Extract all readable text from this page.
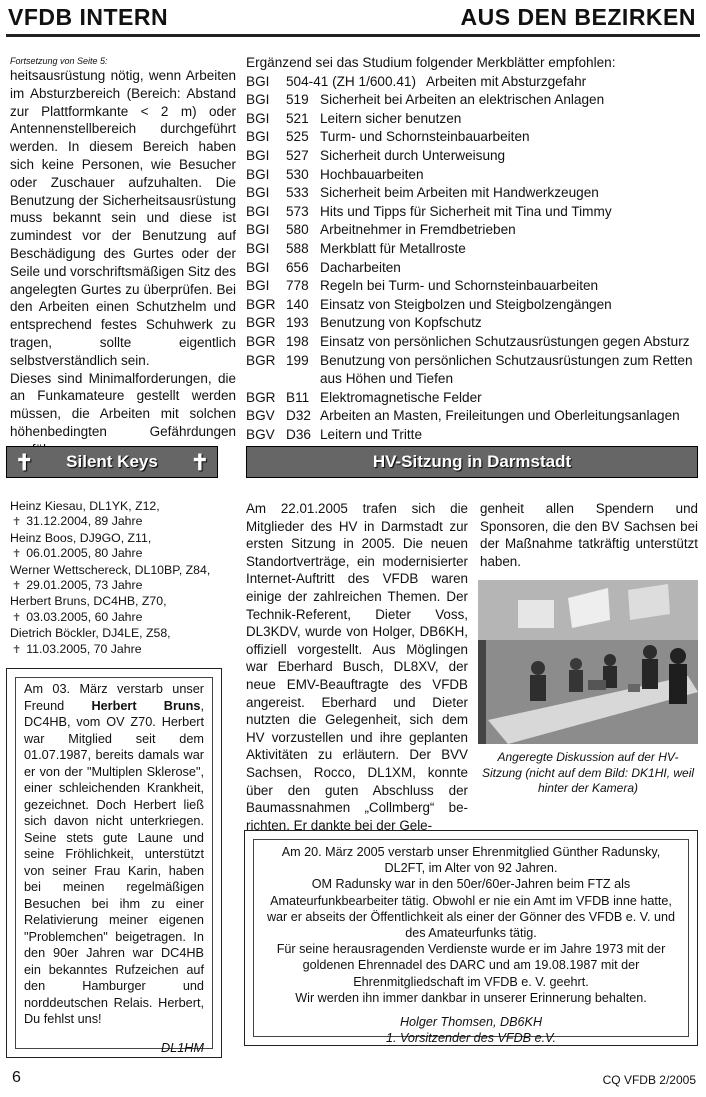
VFDB INTERN	AUS DEN BEZIRKEN
Fortsetzung von Seite 5:
heitsausrüstung nötig, wenn Arbeiten im Absturzbereich (Bereich: Abstand zur Plattformkante < 2 m) oder Antennenstellbereich durchgeführt werden. In diesem Bereich haben sich keine Personen, wie Besucher oder Zuschauer aufzuhalten. Die Benutzung der Sicherheitsausrüstung muss bekannt sein und diese ist zumindest vor der Benutzung auf Beschädigung des Gurtes oder der Seile und vorschriftsmäßigen Sitz des angelegten Gurtes zu überprüfen. Bei den Arbeiten einen Schutzhelm und entsprechend festes Schuhwerk zu tragen, sollte eigentlich selbstverständlich sein.
Dieses sind Minimalforderungen, die an Funkamateure gestellt werden müssen, die Arbeiten mit solchen höhenbedingten Gefährdungen
Ergänzend sei das Studium folgender Merkblätter empfohlen:
BGI	504-41 (ZH 1/600.41) Arbeiten mit Absturzgefahr	
BGI	519	Sicherheit bei Arbeiten an elektrischen Anlagen
BGI	521	Leitern sicher benutzen
BGI	525	Turm- und Schornsteinbauarbeiten
BGI	527	Sicherheit durch Unterweisung
BGI	530	Hochbauarbeiten
BGI	533	Sicherheit beim Arbeiten mit Handwerkzeugen
BGI	573	Hits und Tipps für Sicherheit mit Tina und Timmy
BGI	580	Arbeitnehmer in Fremdbetrieben
BGI	588	Merkblatt für Metallroste
BGI	656	Dacharbeiten
BGI	778	Regeln bei Turm- und Schornsteinbauarbeiten
BGR	140	Einsatz von Steigbolzen und Steigbolzengängen
BGR	193	Benutzung von Kopfschutz
BGR	198	Einsatz von persönlichen Schutzausrüstungen gegen Absturz
BGR	199	Benutzung von persönlichen Schutzausrüstungen zum Retten aus Höhen und Tiefen
BGR	B11	Elektromagnetische Felder
BGV	D32	Arbeiten an Masten, Freileitungen und Oberleitungsanlagen
BGV	D36	Leitern und Tritte
✝ Silent Keys ✝	HV-Sitzung in Darmstadt
Heinz Kiesau, DL1YK, Z12,
✝ 31.12.2004, 89 Jahre
Heinz Boos, DJ9GO, Z11,
✝ 06.01.2005, 80 Jahre
Werner Wettschereck, DL10BP, Z84,
✝ 29.01.2005, 73 Jahre
Herbert Bruns, DC4HB, Z70,
✝ 03.03.2005, 60 Jahre
Dietrich Böckler, DJ4LE, Z58,
✝ 11.03.2005, 70 Jahre
Am 03. März verstarb unser Freund Herbert Bruns, DC4HB, vom OV Z70. Herbert war Mitglied seit dem 01.07.1987, bereits damals war er von der "Multiplen Sklerose", einer schleichenden Krankheit, gezeichnet. Doch Herbert ließ sich davon nicht unterkriegen. Seine stets gute Laune und seine Fröhlichkeit, unterstützt von seiner Frau Karin, haben bei meinen regelmäßigen Besuchen bei ihm zu einer Relativierung meiner eigenen "Problemchen" beigetragen. In den 90er Jahren war DC4HB ein bekanntes Rufzeichen auf den Hamburger und norddeutschen Relais. Herbert, Du fehlst uns!
DL1HM
Am 22.01.2005 trafen sich die Mitglieder des HV in Darmstadt zur ersten Sitzung in 2005. Die neuen Standortverträge, ein modernisierter Internet-Auftritt des VFDB waren einige der zahlreichen Themen. Der Technik-Referent, Dieter Voss, DL3KDV, wurde von Holger, DB6KH, offiziell vorgestellt. Aus Möglingen war Eberhard Busch, DL8XV, der neue EMV-Beauftragte des VFDB angereist. Eberhard und Dieter nutzten die Gelegenheit, sich dem HV vorzustellen und ihre geplanten Aktivitäten zu erläutern. Der BVV Sachsen, Rocco, DL1XM, konnte über den guten Abschluss der Baumassnahmen „Collmberg“ be-richten. Er dankte bei der Gele-
genheit allen Spendern und Sponsoren, die den BV Sachsen bei der Maßnahme tatkräftig unterstützt haben.
Angeregte Diskussion auf der HV-Sitzung (nicht auf dem Bild: DK1HI, weil hinter der Kamera)
Am 20. März 2005 verstarb unser Ehrenmitglied Günther Radunsky, DL2FT, im Alter von 92 Jahren.
OM Radunsky war in den 50er/60er-Jahren beim FTZ als Amateurfunkbearbeiter tätig. Obwohl er nie ein Amt im VFDB inne hatte, war er abseits der Öffentlichkeit als einer der Gönner des VFDB e. V. und des Amateurfunks tätig.
Für seine herausragenden Verdienste wurde er im Jahre 1973 mit der goldenen Ehrennadel des DARC und am 19.08.1987 mit der Ehrenmitgliedschaft im VFDB e. V. geehrt.
Wir werden ihn immer dankbar in unserer Erinnerung behalten.
Holger Thomsen, DB6KH
1. Vorsitzender des VFDB e.V.
6	CQ VFDB 2/2005
